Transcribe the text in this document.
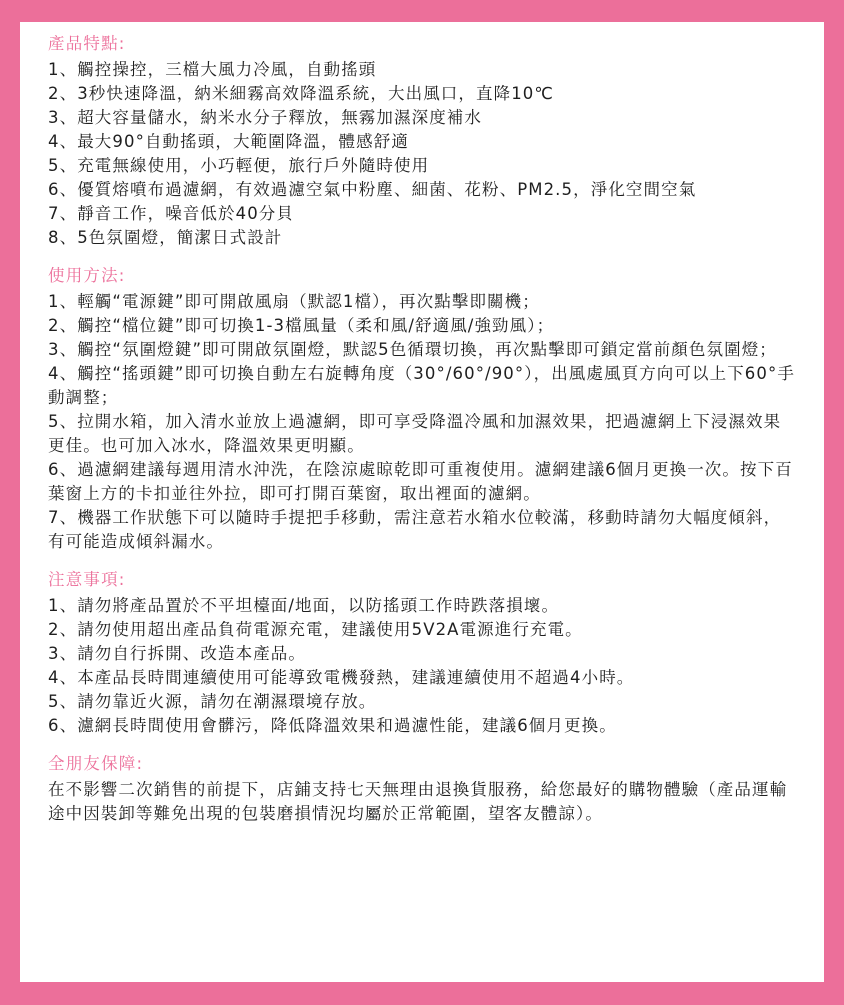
產品特點:
1、觸控操控，三檔大風力冷風，自動搖頭
2、3秒快速降溫，納米細霧高效降溫系統，大出風口，直降10℃
3、超大容量儲水，納米水分子釋放，無霧加濕深度補水
4、最大90°自動搖頭，大範圍降溫，體感舒適
5、充電無線使用，小巧輕便，旅行戶外隨時使用
6、優質熔噴布過濾網，有效過濾空氣中粉塵、細菌、花粉、PM2.5，淨化空間空氣
7、靜音工作，噪音低於40分貝
8、5色氛圍燈，簡潔日式設計
使用方法:
1、輕觸“電源鍵”即可開啟風扇（默認1檔），再次點擊即關機；
2、觸控“檔位鍵”即可切換1-3檔風量（柔和風/舒適風/強勁風）；
3、觸控“氛圍燈鍵”即可開啟氛圍燈，默認5色循環切換，再次點擊即可鎖定當前顏色氛圍燈；
4、觸控“搖頭鍵”即可切換自動左右旋轉角度（30°/60°/90°），出風處風頁方向可以上下60°手動調整；
5、拉開水箱，加入清水並放上過濾網，即可享受降溫冷風和加濕效果，把過濾網上下浸濕效果更佳。也可加入冰水，降溫效果更明顯。
6、過濾網建議每週用清水沖洗，在陰涼處晾乾即可重複使用。濾網建議6個月更換一次。按下百葉窗上方的卡扣並往外拉，即可打開百葉窗，取出裡面的濾網。
7、機器工作狀態下可以隨時手提把手移動，需注意若水箱水位較滿，移動時請勿大幅度傾斜，有可能造成傾斜漏水。
注意事項:
1、請勿將產品置於不平坦檯面/地面，以防搖頭工作時跌落損壞。
2、請勿使用超出產品負荷電源充電，建議使用5V2A電源進行充電。
3、請勿自行拆開、改造本產品。
4、本產品長時間連續使用可能導致電機發熱，建議連續使用不超過4小時。
5、請勿靠近火源，請勿在潮濕環境存放。
6、濾網長時間使用會髒污，降低降溫效果和過濾性能，建議6個月更換。
全朋友保障:
在不影響二次銷售的前提下，店鋪支持七天無理由退換貨服務，給您最好的購物體驗（產品運輸途中因裝卸等難免出現的包裝磨損情況均屬於正常範圍，望客友體諒）。
